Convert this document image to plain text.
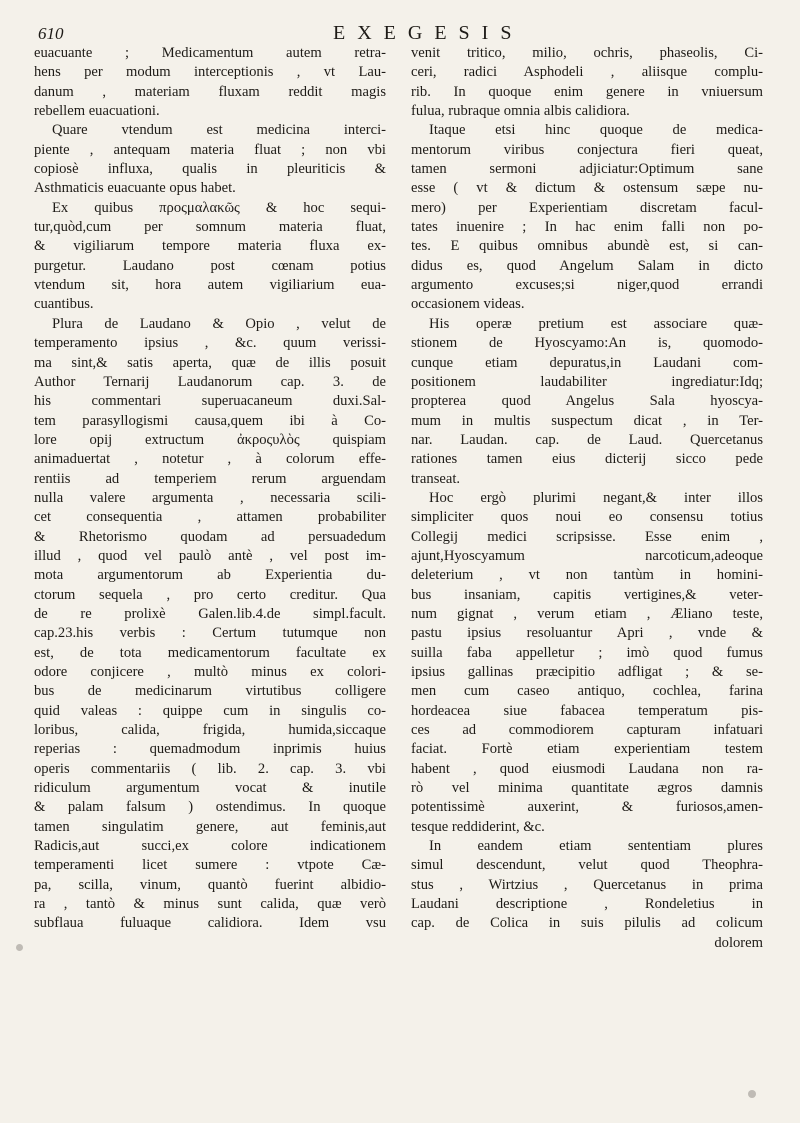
610	EXEGESIS
euacuante ; Medicamentum autem retra-
hens per modum interceptionis , vt Lau-
danum , materiam fluxam reddit magis
rebellem euacuationi.
Quare vtendum est medicina interci-
piente , antequam materia fluat ; non vbi
copiosè influxa, qualis in pleuriticis &
Asthmaticis euacuante opus habet.
Ex quibus προςμαλακῶς & hoc sequi-
tur,quòd,cum per somnum materia fluat,
& vigiliarum tempore materia fluxa ex-
purgetur. Laudano post cœnam potius
vtendum sit, hora autem vigiliarium eua-
cuantibus.
Plura de Laudano & Opio , velut de
temperamento ipsius , &c. quum verissi-
ma sint,& satis aperta, quæ de illis posuit
Author Ternarij Laudanorum cap. 3. de
his commentari superuacaneum duxi.Sal-
tem parasyllogismi causa,quem ibi à Co-
lore opij extructum ἀκροςυλὸς quispiam
animaduertat , notetur , à colorum effe-
rentiis ad temperiem rerum arguendam
nulla valere argumenta , necessaria scili-
cet consequentia , attamen probabiliter
& Rhetorismo quodam ad persuadedum
illud , quod vel paulò antè , vel post im-
mota argumentorum ab Experientia du-
ctorum sequela , pro certo creditur. Qua
de re prolixè Galen.lib.4.de simpl.facult.
cap.23.his verbis : Certum tutumque non
est, de tota medicamentorum facultate ex
odore conjicere , multò minus ex colori-
bus de medicinarum virtutibus colligere
quid valeas : quippe cum in singulis co-
loribus, calida, frigida, humida,siccaque
reperias : quemadmodum inprimis huius
operis commentariis ( lib. 2. cap. 3. vbi
ridiculum argumentum vocat & inutile
& palam falsum ) ostendimus. In quoque
tamen singulatim genere, aut feminis,aut
Radicis,aut succi,ex colore indicationem
temperamenti licet sumere : vtpote Cæ-
pa, scilla, vinum, quantò fuerint albidio-
ra , tantò & minus sunt calida, quæ verò
subflaua fuluaque calidiora. Idem vsu
venit tritico, milio, ochris, phaseolis, Ci-
ceri, radici Asphodeli , aliisque complu-
rib. In quoque enim genere in vniuersum
fulua, rubraque omnia albis calidiora.
Itaque etsi hinc quoque de medica-
mentorum viribus conjectura fieri queat,
tamen sermoni adjiciatur:Optimum sane
esse ( vt & dictum & ostensum sæpe nu-
mero) per Experientiam discretam facul-
tates inuenire ; In hac enim falli non po-
tes. E quibus omnibus abundè est, si can-
didus es, quod Angelum Salam in dicto
argumento excuses;si niger,quod errandi
occasionem videas.
His operæ pretium est associare quæ-
stionem de Hyoscyamo:An is, quomodo-
cunque etiam depuratus,in Laudani com-
positionem laudabiliter ingrediatur:Idq;
propterea quod Angelus Sala hyoscya-
mum in multis suspectum dicat , in Ter-
nar. Laudan. cap. de Laud. Quercetanus
rationes tamen eius dicterij sicco pede
transeat.
Hoc ergò plurimi negant,& inter illos
simpliciter quos noui eo consensu totius
Collegij medici scripsisse. Esse enim ,
ajunt,Hyoscyamum narcoticum,adeoque
deleterium , vt non tantùm in homini-
bus insaniam, capitis vertigines,& veter-
num gignat , verum etiam , Æliano teste,
pastu ipsius resoluantur Apri , vnde &
suilla faba appelletur ; imò quod fumus
ipsius gallinas præcipitio adfligat ; & se-
men cum caseo antiquo, cochlea, farina
hordeacea siue fabacea temperatum pis-
ces ad commodiorem capturam infatuari
faciat. Fortè etiam experientiam testem
habent , quod eiusmodi Laudana non ra-
rò vel minima quantitate ægros damnis
potentissimè auxerint, & furiosos,amen-
tesque reddiderint, &c.
In eandem etiam sententiam plures
simul descendunt, velut quod Theophra-
stus , Wirtzius , Quercetanus in prima
Laudani descriptione , Rondeletius in
cap. de Colica in suis pilulis ad colicum
dolorem
